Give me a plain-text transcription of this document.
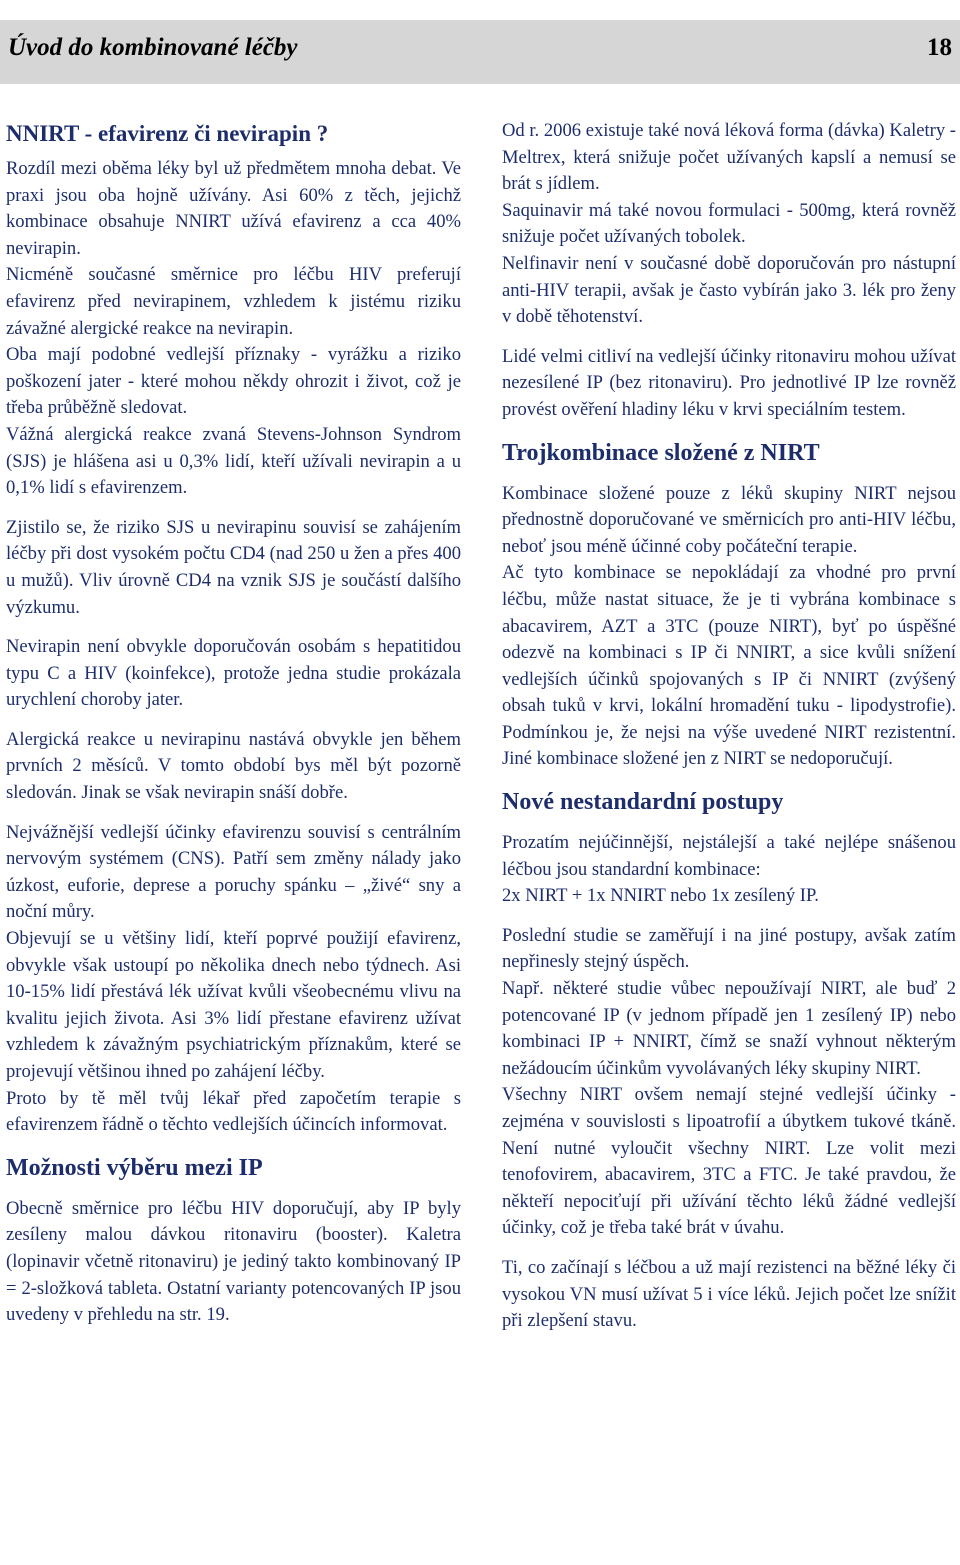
Úvod do kombinované léčby	18
NNIRT - efavirenz či nevirapin ?

Rozdíl mezi oběma léky byl už předmětem mnoha debat. Ve praxi jsou oba hojně užívány. Asi 60% z těch, jejichž kombinace obsahuje NNIRT užívá efavirenz a cca 40% nevirapin.

Nicméně současné směrnice pro léčbu HIV preferují efavirenz před nevirapinem, vzhledem k jistému riziku závažné alergické reakce na nevirapin.

Oba mají podobné vedlejší příznaky - vyrážku a riziko poškození jater - které mohou někdy ohrozit i život, což je třeba průběžně sledovat.

Vážná alergická reakce zvaná Stevens-Johnson Syndrom (SJS) je hlášena asi u 0,3% lidí, kteří užívali nevirapin a u 0,1% lidí s efavirenzem.

Zjistilo se, že riziko SJS u nevirapinu souvisí se zahájením léčby při dost vysokém počtu CD4 (nad 250 u žen a přes 400 u mužů). Vliv úrovně CD4 na vznik SJS je součástí dalšího výzkumu.

Nevirapin není obvykle doporučován osobám s hepatitidou typu C a HIV (koinfekce), protože jedna studie prokázala urychlení choroby jater.

Alergická reakce u nevirapinu nastává obvykle jen během prvních 2 měsíců. V tomto období bys měl být pozorně sledován. Jinak se však nevirapin snáší dobře.

Nejvážnější vedlejší účinky efavirenzu souvisí s centrálním nervovým systémem (CNS). Patří sem změny nálady jako úzkost, euforie, deprese a poruchy spánku – „živé“ sny a noční můry.

Objevují se u většiny lidí, kteří poprvé použijí efavirenz, obvykle však ustoupí po několika dnech nebo týdnech. Asi 10-15% lidí přestává lék užívat kvůli všeobecnému vlivu na kvalitu jejich života. Asi 3% lidí přestane efavirenz užívat vzhledem k závažným psychiatrickým příznakům, které se projevují většinou ihned po zahájení léčby.

Proto by tě měl tvůj lékař před započetím terapie s efavirenzem řádně o těchto vedlejších účincích informovat.

Možnosti výběru mezi IP

Obecně směrnice pro léčbu HIV doporučují, aby IP byly zesíleny malou dávkou ritonaviru (booster). Kaletra (lopinavir včetně ritonaviru) je jediný takto kombinovaný IP = 2-složková tableta. Ostatní varianty potencovaných IP jsou uvedeny v přehledu na str. 19.

Od r. 2006 existuje také nová léková forma (dávka) Kaletry - Meltrex, která snižuje počet užívaných kapslí a nemusí se brát s jídlem.

Saquinavir má také novou formulaci - 500mg, která rovněž snižuje počet užívaných tobolek.

Nelfinavir není v současné době doporučován pro nástupní anti-HIV terapii, avšak je často vybírán jako 3. lék pro ženy v době těhotenství.

Lidé velmi citliví na vedlejší účinky ritonaviru mohou užívat nezesílené IP (bez ritonaviru). Pro jednotlivé IP lze rovněž provést ověření hladiny léku v krvi speciálním testem.

Trojkombinace složené z NIRT

Kombinace složené pouze z léků skupiny NIRT nejsou přednostně doporučované ve směrnicích pro anti-HIV léčbu, neboť jsou méně účinné coby počáteční terapie.

Ač tyto kombinace se nepokládají za vhodné pro první léčbu, může nastat situace, že je ti vybrána kombinace s abacavirem, AZT a 3TC (pouze NIRT), byť po úspěšné odezvě na kombinaci s IP či NNIRT, a sice kvůli snížení vedlejších účinků spojovaných s IP či NNIRT (zvýšený obsah tuků v krvi, lokální hromadění tuku - lipodystrofie). Podmínkou je, že nejsi na výše uvedené NIRT rezistentní. Jiné kombinace složené jen z NIRT se nedoporučují.

Nové nestandardní postupy

Prozatím nejúčinnější, nejstálejší a také nejlépe snášenou léčbou jsou standardní kombinace:

2x NIRT + 1x NNIRT nebo 1x zesílený IP.

Poslední studie se zaměřují i na jiné postupy, avšak zatím nepřinesly stejný úspěch.

Např. některé studie vůbec nepoužívají NIRT, ale buď 2 potencované IP (v jednom případě jen 1 zesílený IP) nebo kombinaci IP + NNIRT, čímž se snaží vyhnout některým nežádoucím účinkům vyvolávaných léky skupiny NIRT.

Všechny NIRT ovšem nemají stejné vedlejší účinky - zejména v souvislosti s lipoatrofií a úbytkem tukové tkáně. Není nutné vyloučit všechny NIRT. Lze volit mezi tenofovirem, abacavirem, 3TC a FTC. Je také pravdou, že někteří nepociťují při užívání těchto léků žádné vedlejší účinky, což je třeba také brát v úvahu.

Ti, co začínají s léčbou a už mají rezistenci na běžné léky či vysokou VN musí užívat 5 i více léků. Jejich počet lze snížit při zlepšení stavu.
